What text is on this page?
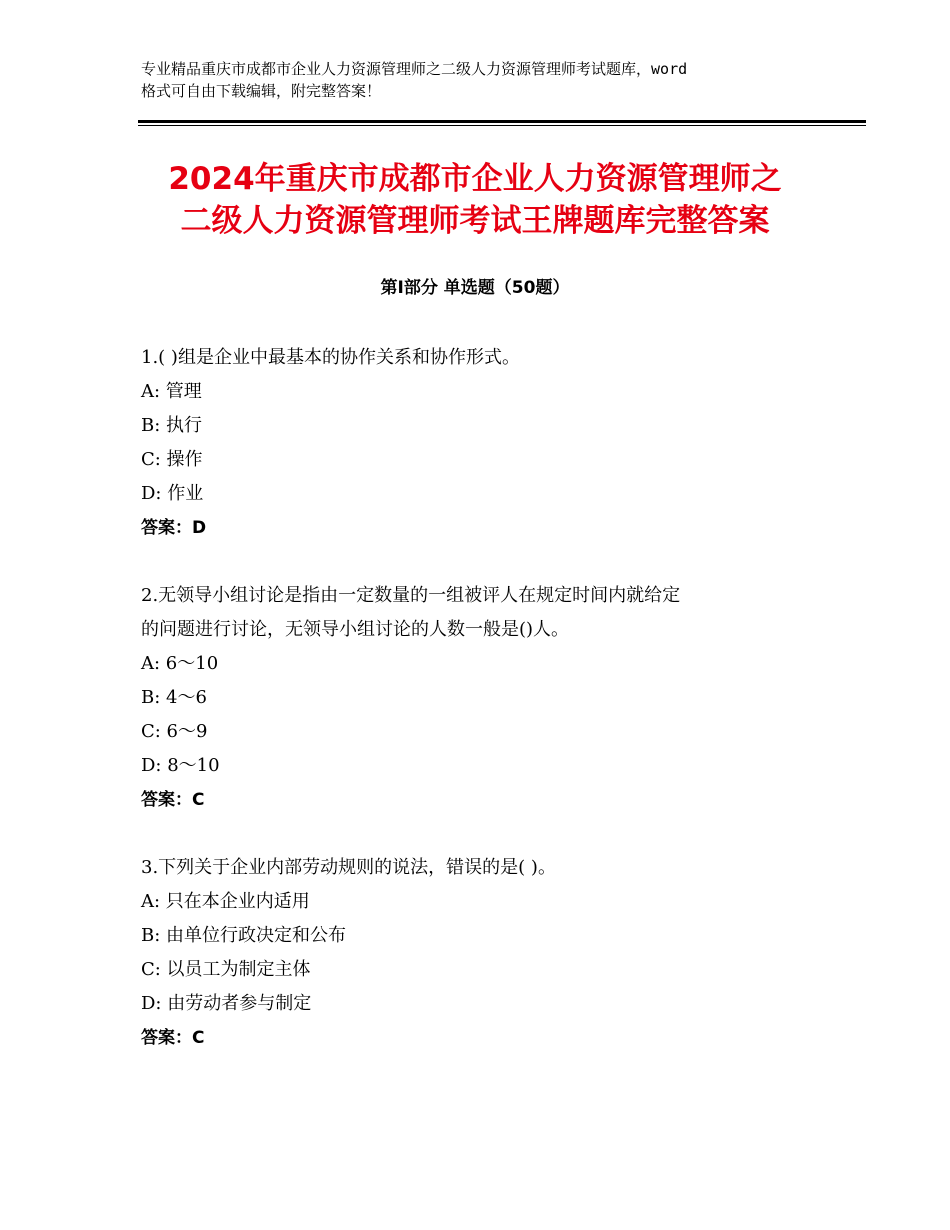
专业精品重庆市成都市企业人力资源管理师之二级人力资源管理师考试题库，word
格式可自由下载编辑，附完整答案！
2024年重庆市成都市企业人力资源管理师之
二级人力资源管理师考试王牌题库完整答案
第Ⅰ部分 单选题（50题）
1.( )组是企业中最基本的协作关系和协作形式。
A: 管理
B: 执行
C: 操作
D: 作业
答案：D
2.无领导小组讨论是指由一定数量的一组被评人在规定时间内就给定
的问题进行讨论，无领导小组讨论的人数一般是()人。
A: 6～10
B: 4～6
C: 6～9
D: 8～10
答案：C
3.下列关于企业内部劳动规则的说法，错误的是( )。
A: 只在本企业内适用
B: 由单位行政决定和公布
C: 以员工为制定主体
D: 由劳动者参与制定
答案：C
